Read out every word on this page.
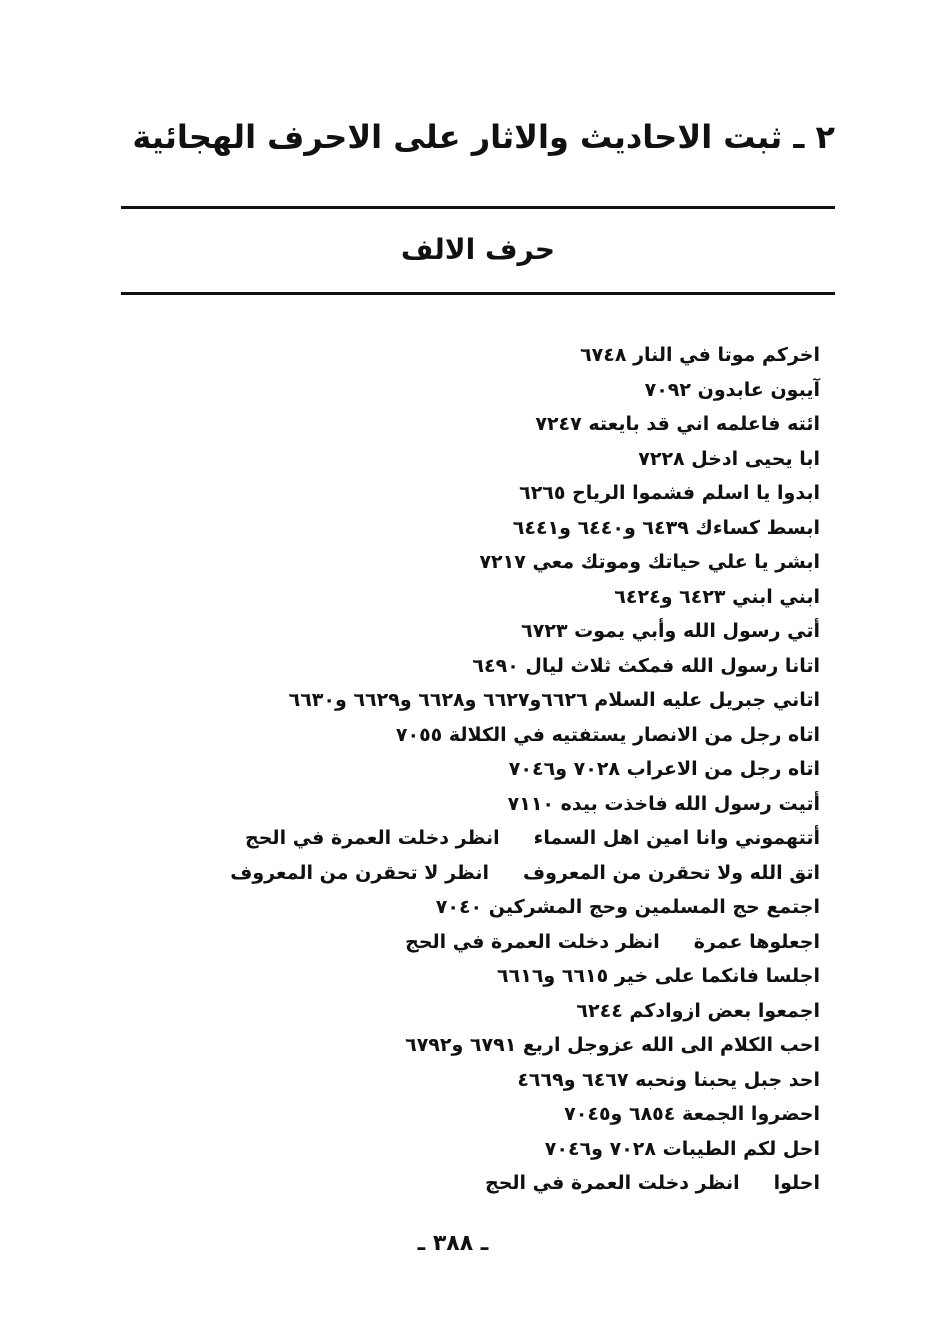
٢ ـ ثبت الاحاديث والاثار على الاحرف الهجائية
حرف الالف
اخركم موتا في النار ٦٧٤٨
آيبون عابدون ٧٠٩٢
ائته فاعلمه اني قد بايعته ٧٢٤٧
ابا يحيى ادخل ٧٢٢٨
ابدوا يا اسلم فشموا الرياح ٦٢٦٥
ابسط كساءك ٦٤٣٩ و٦٤٤٠ و٦٤٤١
ابشر يا علي حياتك وموتك معي ٧٢١٧
ابني ابني ٦٤٢٣ و٦٤٢٤
أتي رسول الله وأبي يموت ٦٧٢٣
اتانا رسول الله فمكث ثلاث ليال ٦٤٩٠
اتاني جبريل عليه السلام ٦٦٢٦و٦٦٢٧ و٦٦٢٨ و٦٦٢٩ و٦٦٣٠
اتاه رجل من الانصار يستفتيه في الكلالة ٧٠٥٥
اتاه رجل من الاعراب ٧٠٢٨ و٧٠٤٦
أتيت رسول الله فاخذت بيده ٧١١٠
أتتهموني وانا امين اهل السماء
انظر دخلت العمرة في الحج
اتق الله ولا تحقرن من المعروف
انظر لا تحقرن من المعروف
اجتمع حج المسلمين وحج المشركين ٧٠٤٠
اجعلوها عمرة
انظر دخلت العمرة في الحج
اجلسا فانكما على خير ٦٦١٥ و٦٦١٦
اجمعوا بعض ازوادكم ٦٢٤٤
احب الكلام الى الله عزوجل اربع ٦٧٩١ و٦٧٩٢
احد جبل يحبنا ونحبه ٦٤٦٧ و٤٦٦٩
احضروا الجمعة ٦٨٥٤ و٧٠٤٥
احل لكم الطيبات ٧٠٢٨ و٧٠٤٦
احلوا
انظر دخلت العمرة في الحج
ـ ٣٨٨ ـ
